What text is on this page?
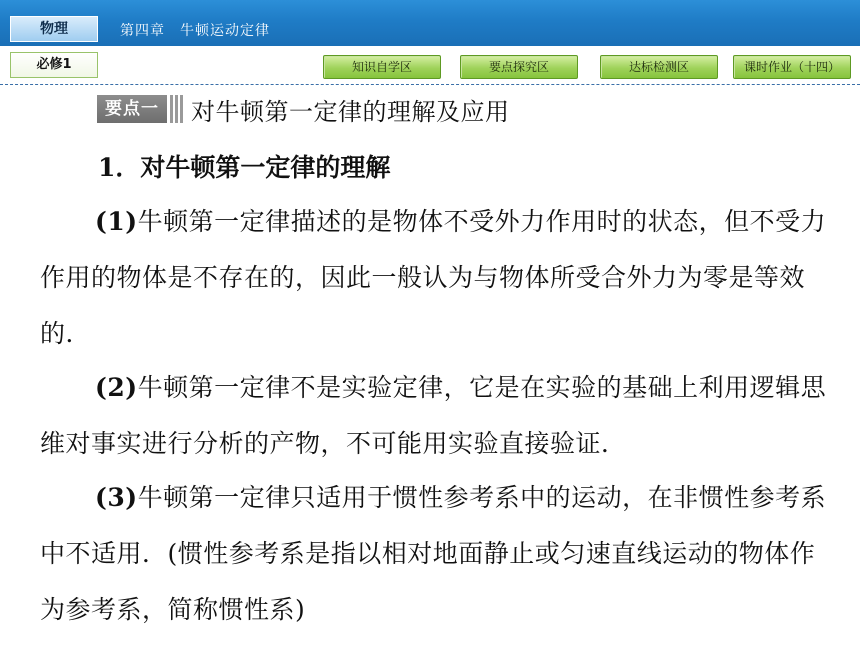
物理	第四章　牛顿运动定律
必修1	知识自学区	要点探究区	达标检测区	课时作业（十四）
要点一	对牛顿第一定律的理解及应用
1．对牛顿第一定律的理解

(1)牛顿第一定律描述的是物体不受外力作用时的状态，但不受力作用的物体是不存在的，因此一般认为与物体所受合外力为零是等效的．

(2)牛顿第一定律不是实验定律，它是在实验的基础上利用逻辑思维对事实进行分析的产物，不可能用实验直接验证．

(3)牛顿第一定律只适用于惯性参考系中的运动，在非惯性参考系中不适用．(惯性参考系是指以相对地面静止或匀速直线运动的物体作为参考系，简称惯性系)
